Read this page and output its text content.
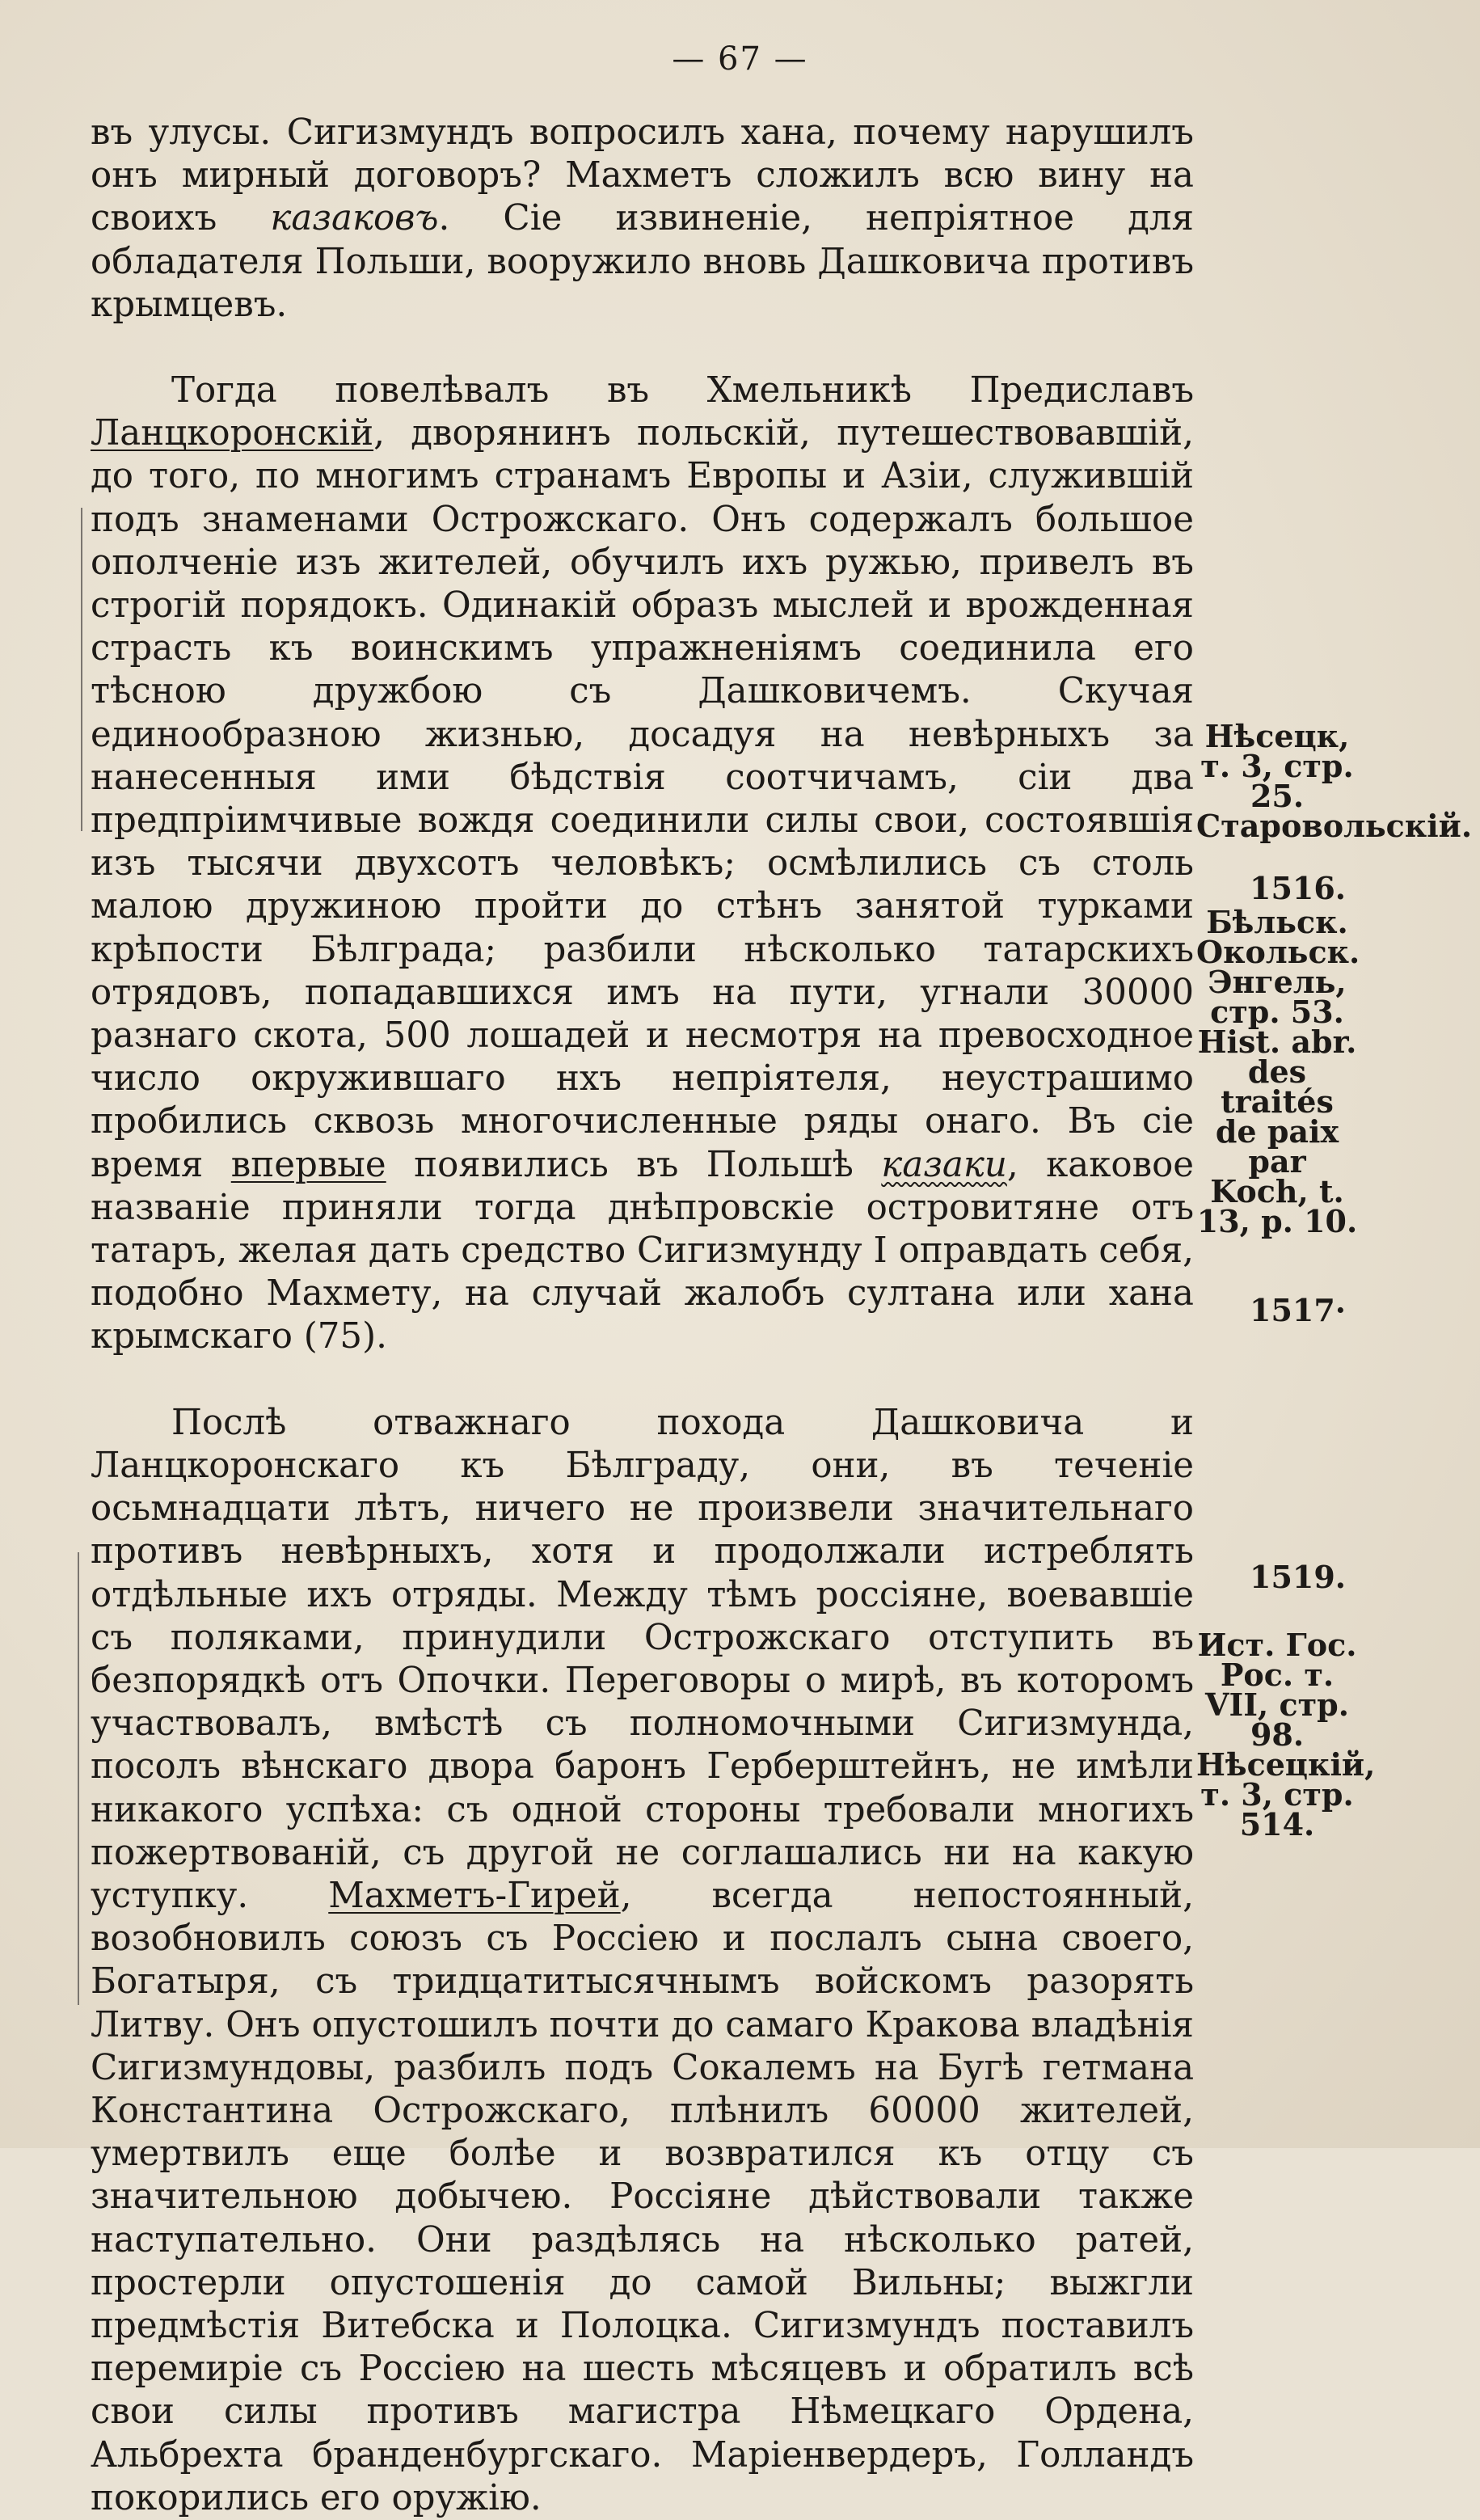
— 67 —

въ улусы. Сигизмундъ вопросилъ хана, почему нарушилъ онъ мирный договоръ? Махметъ сложилъ всю вину на своихъ казаковъ. Сіе извиненіе, непріятное для обладателя Польши, вооружило вновь Дашковича противъ крымцевъ.

Тогда повелѣвалъ въ Хмельникѣ Предиславъ Ланцкоронскій, дворянинъ польскій, путешествовавшій, до того, по многимъ странамъ Европы и Азіи, служившій подъ знаменами Острожскаго. Онъ содержалъ большое ополченіе изъ жителей, обучилъ ихъ ружью, привелъ въ строгій порядокъ. Одинакій образъ мыслей и врожденная страсть къ воинскимъ упражненіямъ соединила его тѣсною дружбою съ Дашковичемъ. Скучая единообразною жизнью, досадуя на невѣрныхъ за нанесенныя ими бѣдствія соотчичамъ, сіи два предпріимчивые вождя соединили силы свои, состоявшія изъ тысячи двухсотъ человѣкъ; осмѣлились съ столь малою дружиною пройти до стѣнъ занятой турками крѣпости Бѣлграда; разбили нѣсколько татарскихъ отрядовъ, попадавшихся имъ на пути, угнали 30000 разнаго скота, 500 лошадей и несмотря на превосходное число окружившаго нхъ непріятеля, неустрашимо пробились сквозь многочисленные ряды онаго. Въ сіе время впервые появились въ Польшѣ казаки, каковое названіе приняли тогда днѣпровскіе островитяне отъ татаръ, желая дать средство Сигизмунду I оправдать себя, подобно Махмету, на случай жалобъ султана или хана крымскаго (75).

Послѣ отважнаго похода Дашковича и Ланцкоронскаго къ Бѣлграду, они, въ теченіе осьмнадцати лѣтъ, ничего не произвели значительнаго противъ невѣрныхъ, хотя и продолжали истреблять отдѣльные ихъ отряды. Между тѣмъ россіяне, воевавшіе съ поляками, принудили Острожскаго отступить въ безпорядкѣ отъ Опочки. Переговоры о мирѣ, въ которомъ участвовалъ, вмѣстѣ съ полномочными Сигизмунда, посолъ вѣнскаго двора баронъ Герберштейнъ, не имѣли никакого успѣха: съ одной стороны требовали многихъ пожертвованій, съ другой не соглашались ни на какую уступку. Махметъ-Гирей, всегда непостоянный, возобновилъ союзъ съ Россіею и послалъ сына своего, Богатыря, съ тридцатитысячнымъ войскомъ разорять Литву. Онъ опустошилъ почти до самаго Кракова владѣнія Сигизмундовы, разбилъ подъ Сокалемъ на Бугѣ гетмана Константина Острожскаго, плѣнилъ 60000 жителей, умертвилъ еще болѣе и возвратился къ отцу съ значительною добычею. Россіяне дѣйствовали также наступательно. Они раздѣлясь на нѣсколько ратей, простерли опустошенія до самой Вильны; выжгли предмѣстія Витебска и Полоцка. Сигизмундъ поставилъ перемиріе съ Россіею на шесть мѣсяцевъ и обратилъ всѣ свои силы противъ магистра Нѣмецкаго Ордена, Альбрехта бранденбургскаго. Маріенвердеръ, Голландъ покорились его оружію.

Нѣсецк, т. 3, стр. 25. Старовольскій.
1516.
Бѣльск. Окольск. Энгель, стр. 53. Hist. abr. des traités de paix par Koch, t. 13, p. 10.
1517·
1519.
Ист. Гос. Рос. т. VII, стр. 98. Нѣсецкій, т. 3, стр. 514.
